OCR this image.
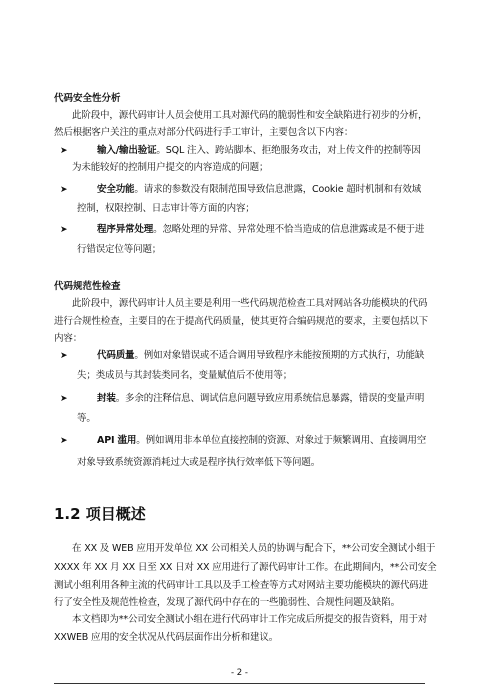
代码安全性分析
此阶段中，源代码审计人员会使用工具对源代码的脆弱性和安全缺陷进行初步的分析，
然后根据客户关注的重点对部分代码进行手工审计，主要包含以下内容：
➤	输入/输出验证。SQL 注入、跨站脚本、拒绝服务攻击，对上传文件的控制等因
为未能较好的控制用户提交的内容造成的问题；
➤	安全功能。请求的参数没有限制范围导致信息泄露，Cookie 超时机制和有效域
控制，权限控制、日志审计等方面的内容；
➤	程序异常处理。忽略处理的异常、异常处理不恰当造成的信息泄露或是不便于进
行错误定位等问题；
代码规范性检查
此阶段中，源代码审计人员主要是利用一些代码规范检查工具对网站各功能模块的代码
进行合规性检查，主要目的在于提高代码质量，使其更符合编码规范的要求，主要包括以下
内容：
➤	代码质量。例如对象错误或不适合调用导致程序未能按预期的方式执行，功能缺
失；类成员与其封装类同名，变量赋值后不使用等；
➤	封装。多余的注释信息、调试信息问题导致应用系统信息暴露，错误的变量声明
等。
➤	API 滥用。例如调用非本单位直接控制的资源、对象过于频繁调用、直接调用空
对象导致系统资源消耗过大或是程序执行效率低下等问题。
1.2 项目概述
在 XX 及 WEB 应用开发单位 XX 公司相关人员的协调与配合下，**公司安全测试小组于
XXXX 年 XX 月 XX 日至 XX 日对 XX 应用进行了源代码审计工作。在此期间内，**公司安全
测试小组利用各种主流的代码审计工具以及手工检查等方式对网站主要功能模块的源代码进
行了安全性及规范性检查，发现了源代码中存在的一些脆弱性、合规性问题及缺陷。
本文档即为**公司安全测试小组在进行代码审计工作完成后所提交的报告资料，用于对
XXWEB 应用的安全状况从代码层面作出分析和建议。
- 2 -
